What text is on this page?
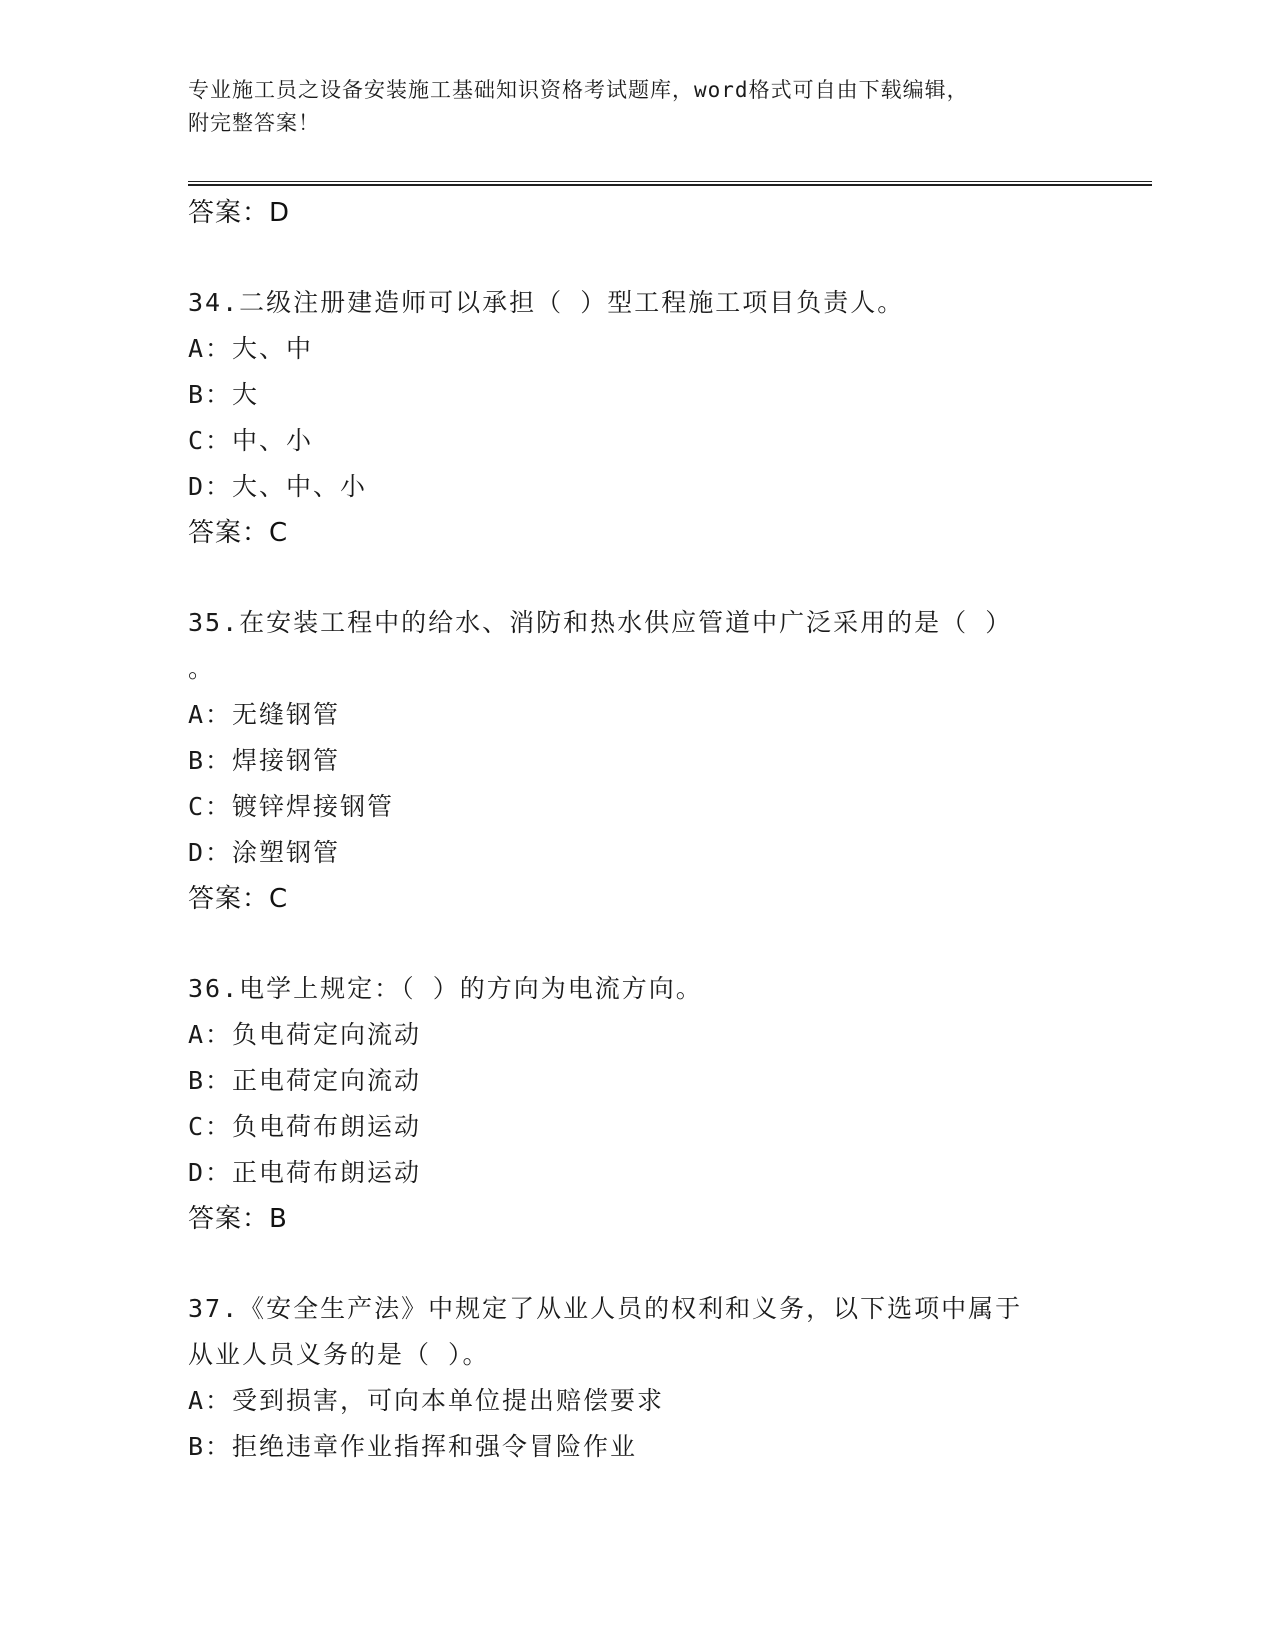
专业施工员之设备安装施工基础知识资格考试题库，word格式可自由下载编辑，
附完整答案！
答案：D
34.二级注册建造师可以承担（ ）型工程施工项目负责人。
A：大、中
B：大
C：中、小
D：大、中、小
答案：C
35.在安装工程中的给水、消防和热水供应管道中广泛采用的是（ ）
。
A：无缝钢管
B：焊接钢管
C：镀锌焊接钢管
D：涂塑钢管
答案：C
36.电学上规定：（ ）的方向为电流方向。
A：负电荷定向流动
B：正电荷定向流动
C：负电荷布朗运动
D：正电荷布朗运动
答案：B
37.《安全生产法》中规定了从业人员的权利和义务，以下选项中属于
从业人员义务的是（ ）。
A：受到损害，可向本单位提出赔偿要求
B：拒绝违章作业指挥和强令冒险作业
